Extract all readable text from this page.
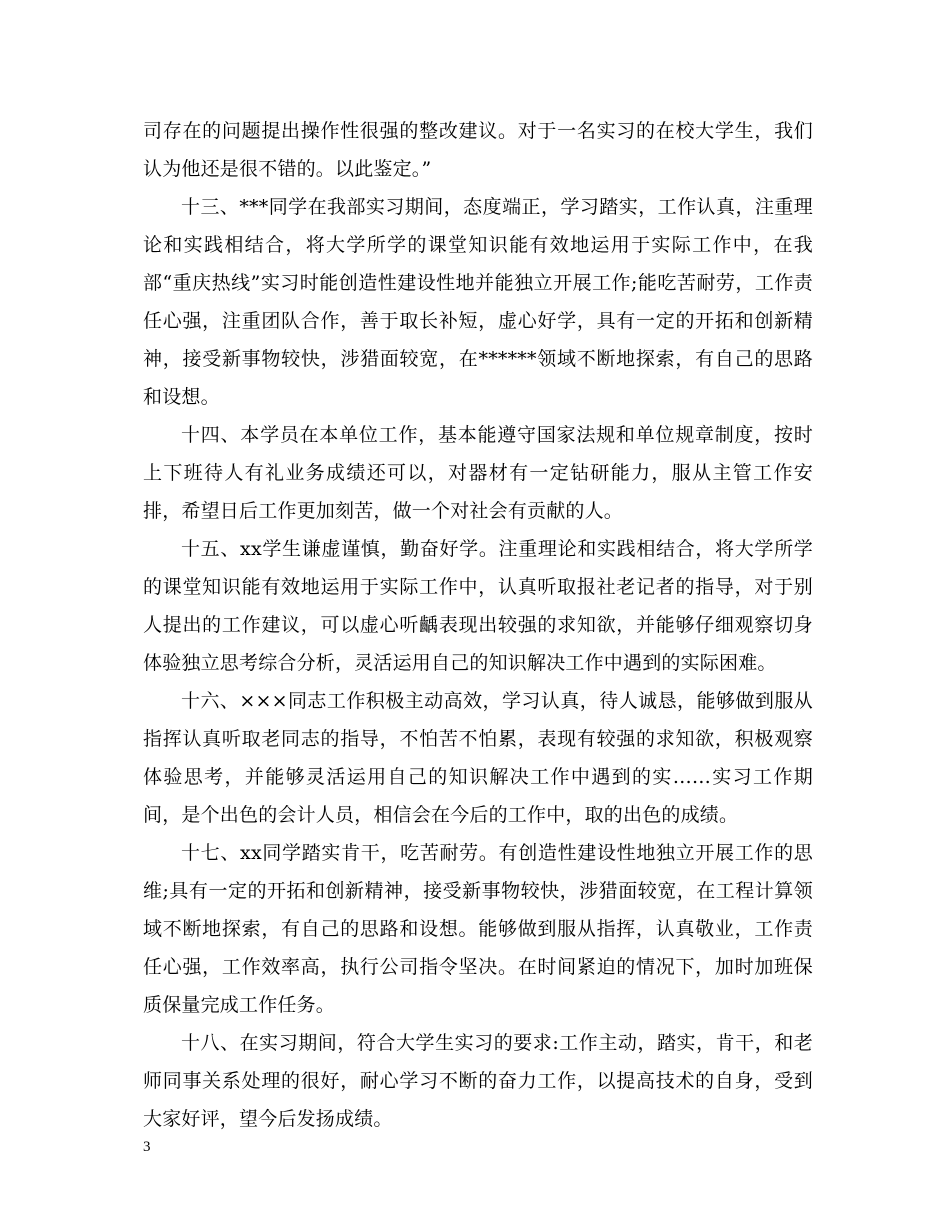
司存在的问题提出操作性很强的整改建议。对于一名实习的在校大学生，我们认为他还是很不错的。以此鉴定。”

十三、***同学在我部实习期间，态度端正，学习踏实，工作认真，注重理论和实践相结合，将大学所学的课堂知识能有效地运用于实际工作中，在我部“重庆热线”实习时能创造性建设性地并能独立开展工作;能吃苦耐劳，工作责任心强，注重团队合作，善于取长补短，虚心好学，具有一定的开拓和创新精神，接受新事物较快，涉猎面较宽，在******领域不断地探索，有自己的思路和设想。

十四、本学员在本单位工作，基本能遵守国家法规和单位规章制度，按时上下班待人有礼业务成绩还可以，对器材有一定钻研能力，服从主管工作安排，希望日后工作更加刻苦，做一个对社会有贡献的人。

十五、xx学生谦虚谨慎，勤奋好学。注重理论和实践相结合，将大学所学的课堂知识能有效地运用于实际工作中，认真听取报社老记者的指导，对于别人提出的工作建议，可以虚心听齲表现出较强的求知欲，并能够仔细观察切身体验独立思考综合分析，灵活运用自己的知识解决工作中遇到的实际困难。

十六、×××同志工作积极主动高效，学习认真，待人诚恳，能够做到服从指挥认真听取老同志的指导，不怕苦不怕累，表现有较强的求知欲，积极观察体验思考，并能够灵活运用自己的知识解决工作中遇到的实……实习工作期间，是个出色的会计人员，相信会在今后的工作中，取的出色的成绩。

十七、xx同学踏实肯干，吃苦耐劳。有创造性建设性地独立开展工作的思维;具有一定的开拓和创新精神，接受新事物较快，涉猎面较宽，在工程计算领域不断地探索，有自己的思路和设想。能够做到服从指挥，认真敬业，工作责任心强，工作效率高，执行公司指令坚决。在时间紧迫的情况下，加时加班保质保量完成工作任务。

十八、在实习期间，符合大学生实习的要求:工作主动，踏实，肯干，和老师同事关系处理的很好，耐心学习不断的奋力工作，以提高技术的自身，受到大家好评，望今后发扬成绩。

3
